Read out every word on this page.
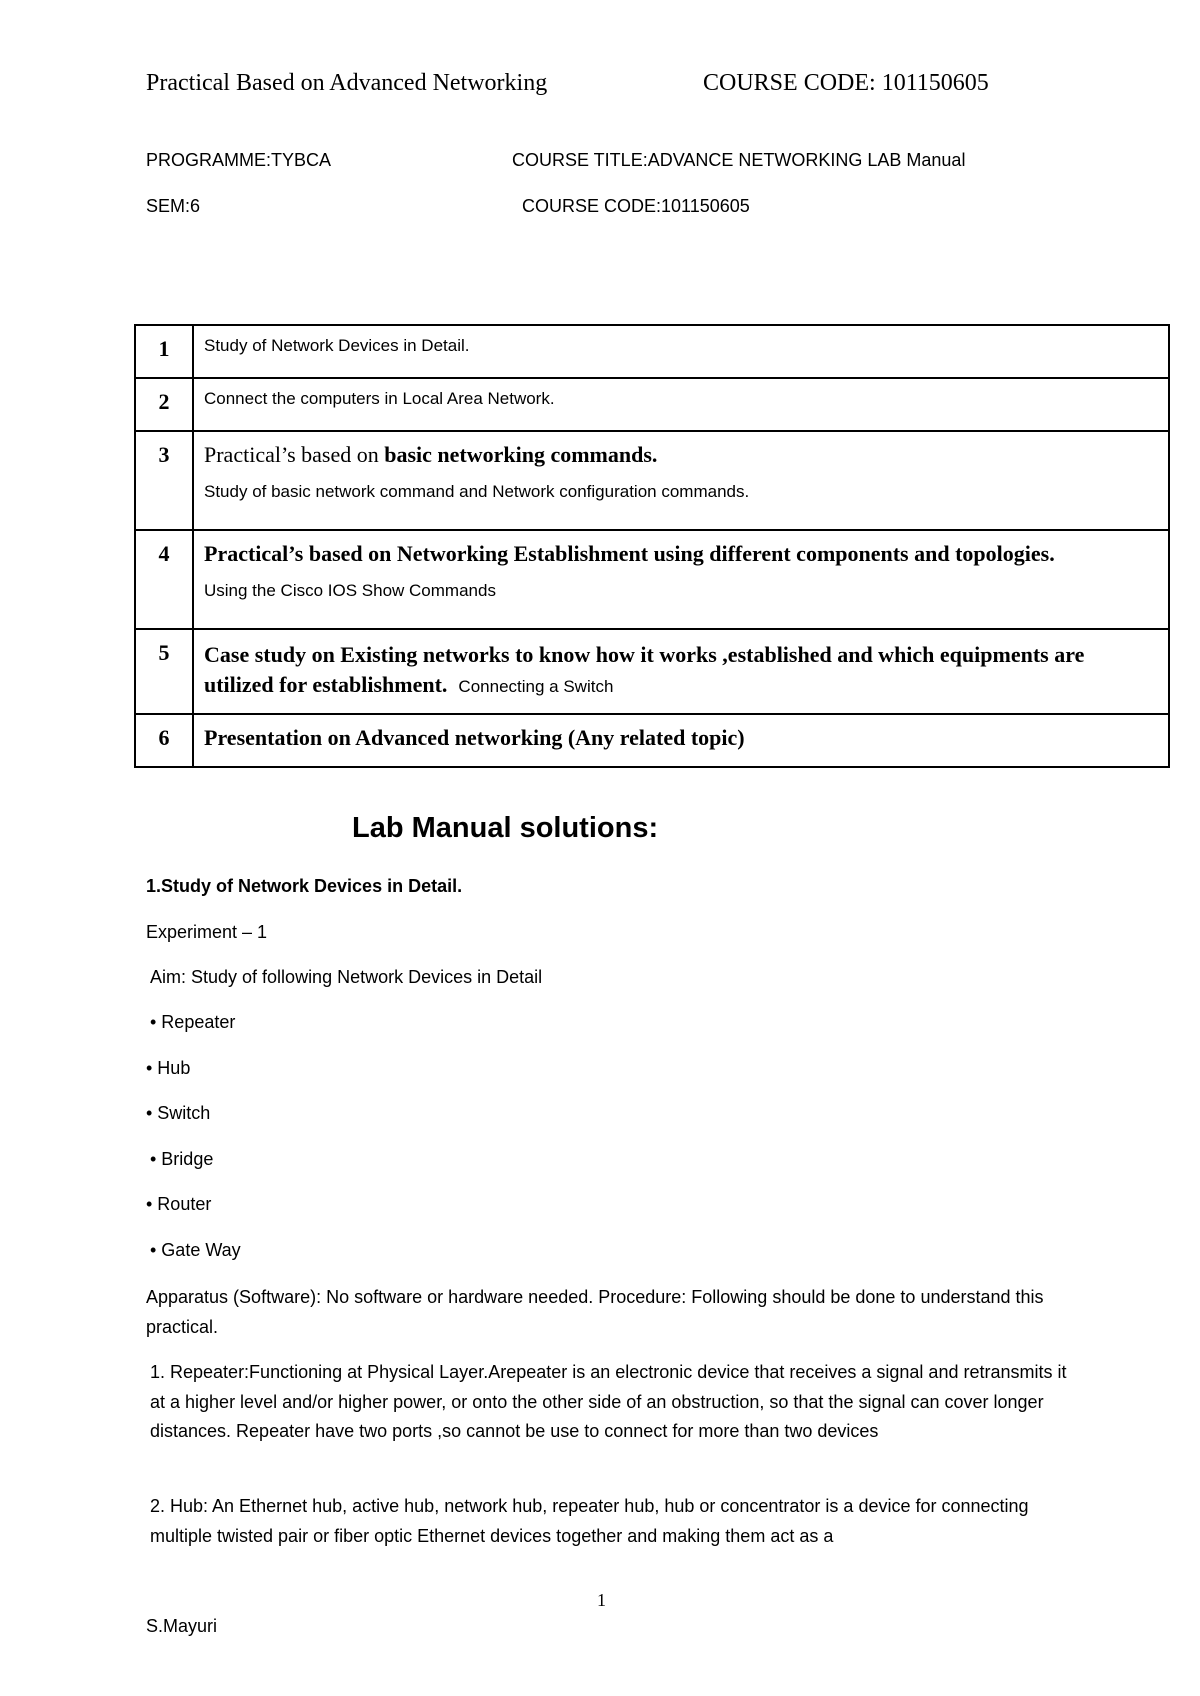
Practical Based on Advanced Networking	COURSE CODE: 101150605
PROGRAMME:TYBCA	COURSE TITLE:ADVANCE NETWORKING LAB Manual
SEM:6	COURSE CODE:101150605
1	Study of Network Devices in Detail.
2	Connect the computers in Local Area Network.
3	Practical’s based on basic networking commands.
Study of basic network command and Network configuration commands.

4	Practical’s based on Networking Establishment using different components and topologies.
Using the Cisco IOS Show Commands

5	Case study on Existing networks to know how it works ,established and which equipments are utilized for establishment. Connecting a Switch

6	Presentation on Advanced networking (Any related topic)
Lab Manual solutions:
1.Study of Network Devices in Detail.
Experiment – 1
Aim: Study of following Network Devices in Detail
• Repeater
• Hub
• Switch
• Bridge
• Router
• Gate Way
Apparatus (Software): No software or hardware needed. Procedure: Following should be done to understand this practical.
1. Repeater:Functioning at Physical Layer.Arepeater is an electronic device that receives a signal and retransmits it at a higher level and/or higher power, or onto the other side of an obstruction, so that the signal can cover longer distances. Repeater have two ports ,so cannot be use to connect for more than two devices
2. Hub: An Ethernet hub, active hub, network hub, repeater hub, hub or concentrator is a device for connecting multiple twisted pair or fiber optic Ethernet devices together and making them act as a
1
S.Mayuri
